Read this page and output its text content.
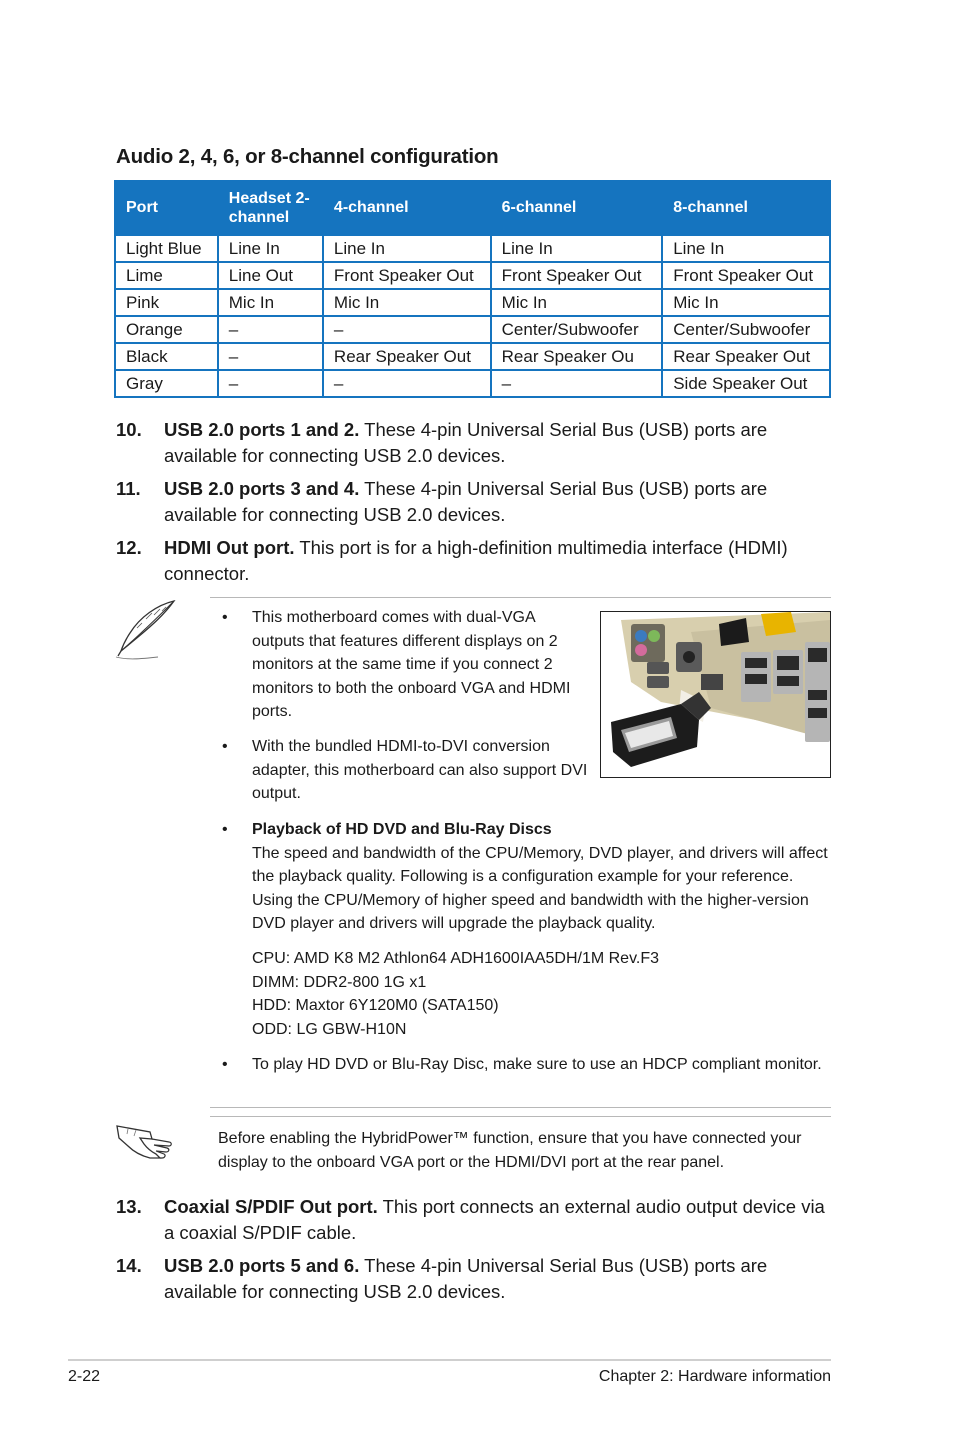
Audio 2, 4, 6, or 8-channel configuration
Port	Headset 2-channel	4-channel	6-channel	8-channel
Light Blue	Line In	Line In	Line In	Line In
Lime	Line Out	Front Speaker Out	Front Speaker Out	Front Speaker Out
Pink	Mic In	Mic In	Mic In	Mic In
Orange	–	–	Center/Subwoofer	Center/Subwoofer
Black	–	Rear Speaker Out	Rear Speaker Ou	Rear Speaker Out
Gray	–	–	–	Side Speaker Out
10. USB 2.0 ports 1 and 2. These 4-pin Universal Serial Bus (USB) ports are available for connecting USB 2.0 devices.
11. USB 2.0 ports 3 and 4. These 4-pin Universal Serial Bus (USB) ports are available for connecting USB 2.0 devices.
12. HDMI Out port. This port is for a high-definition multimedia interface (HDMI) connector.
• This motherboard comes with dual-VGA outputs that features different displays on 2 monitors at the same time if you connect 2 monitors to both the onboard VGA and HDMI ports.
• With the bundled HDMI-to-DVI conversion adapter, this motherboard can also support DVI output.
• Playback of HD DVD and Blu-Ray Discs
The speed and bandwidth of the CPU/Memory, DVD player, and drivers will affect the playback quality. Following is a configuration example for your reference. Using the CPU/Memory of higher speed and bandwidth with the higher-version DVD player and drivers will upgrade the playback quality.
CPU: AMD K8 M2 Athlon64 ADH1600IAA5DH/1M Rev.F3
DIMM: DDR2-800 1G x1
HDD: Maxtor 6Y120M0 (SATA150)
ODD: LG GBW-H10N
• To play HD DVD or Blu-Ray Disc, make sure to use an HDCP compliant monitor.
Before enabling the HybridPower™ function, ensure that you have connected your display to the onboard VGA port or the HDMI/DVI port at the rear panel.
13. Coaxial S/PDIF Out port. This port connects an external audio output device via a coaxial S/PDIF cable.
14. USB 2.0 ports 5 and 6. These 4-pin Universal Serial Bus (USB) ports are available for connecting USB 2.0 devices.
2-22	Chapter 2: Hardware information
